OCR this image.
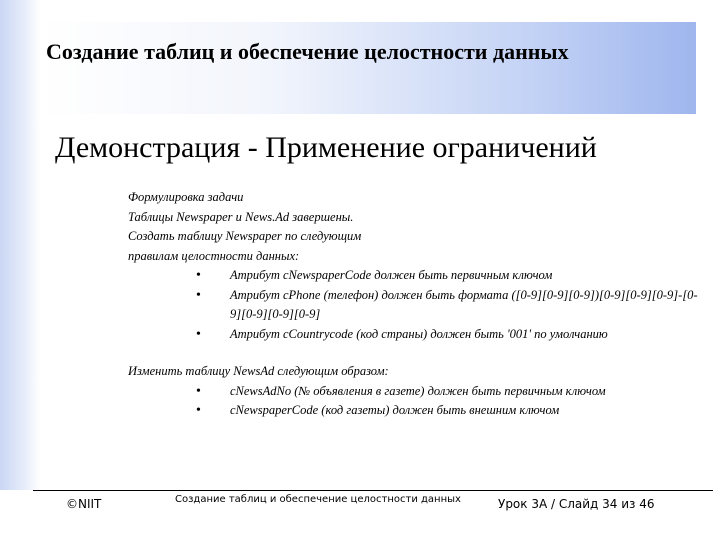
Создание таблиц и обеспечение целостности данных
Демонстрация - Применение ограничений
Формулировка задачи
Таблицы Newspaper и News.Ad завершены.
Создать таблицу Newspaper по следующим
правилам целостности данных:
•	Атрибут cNewspaperCode должен быть первичным ключом
•	Атрибут cPhone (телефон) должен быть формата ([0-9][0-9][0-9])[0-9][0-9][0-9]-[0-9][0-9][0-9][0-9]
•	Атрибут cCountrycode (код страны) должен быть '001' по умолчанию
Изменить таблицу NewsAd следующим образом:
•	cNewsAdNo (№ объявления в газете) должен быть первичным ключом
•	cNewspaperCode (код газеты) должен быть внешним ключом
©NIIT	Создание таблиц и обеспечение целостности данных	Урок 3А / Слайд 34 из 46
